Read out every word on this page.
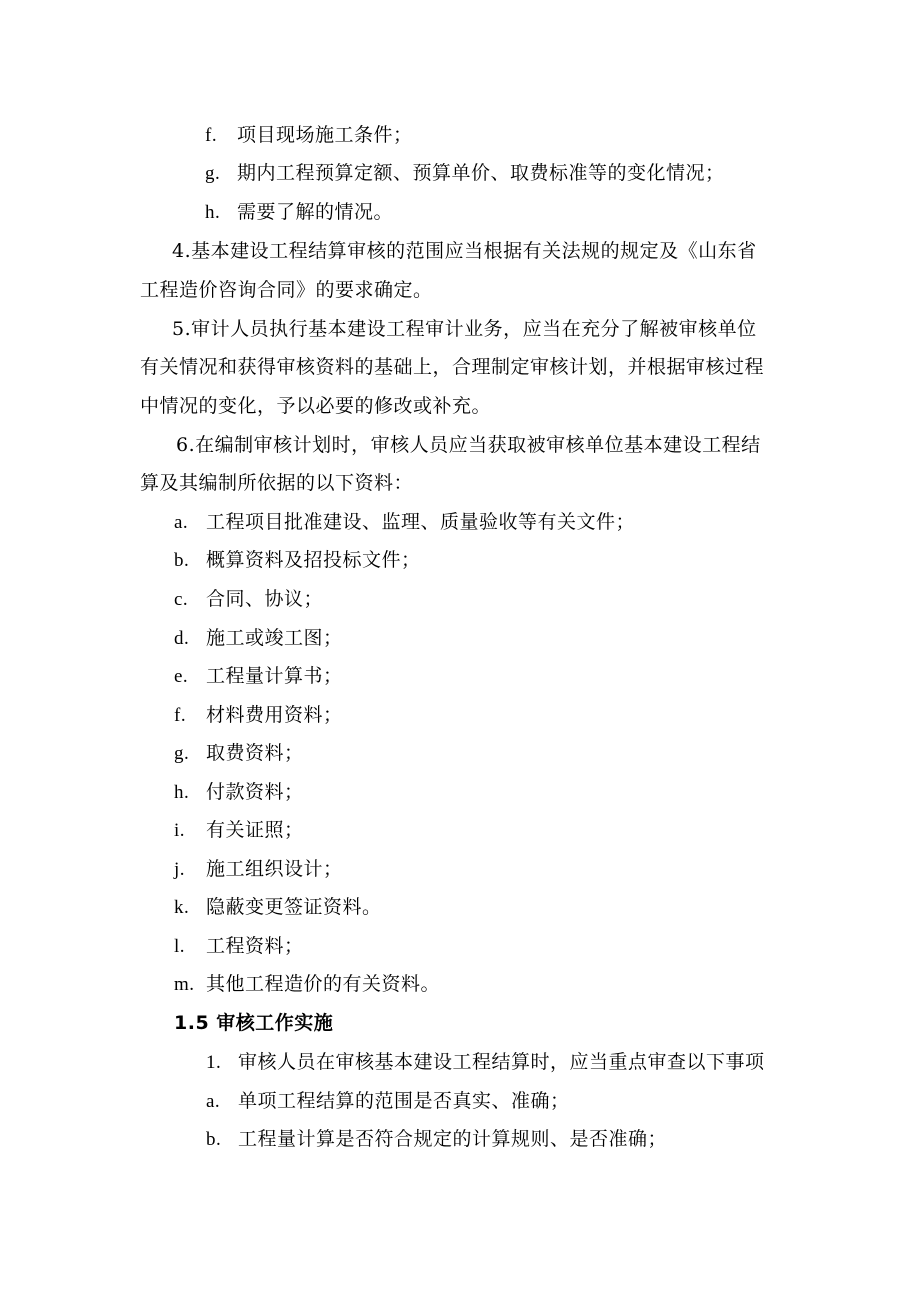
f. 项目现场施工条件；
g. 期内工程预算定额、预算单价、取费标准等的变化情况；
h. 需要了解的情况。
4.基本建设工程结算审核的范围应当根据有关法规的规定及《山东省
工程造价咨询合同》的要求确定。
5.审计人员执行基本建设工程审计业务，应当在充分了解被审核单位
有关情况和获得审核资料的基础上，合理制定审核计划，并根据审核过程
中情况的变化，予以必要的修改或补充。
6.在编制审核计划时，审核人员应当获取被审核单位基本建设工程结
算及其编制所依据的以下资料：
a. 工程项目批准建设、监理、质量验收等有关文件；
b. 概算资料及招投标文件；
c. 合同、协议；
d. 施工或竣工图；
e. 工程量计算书；
f. 材料费用资料；
g. 取费资料；
h. 付款资料；
i. 有关证照；
j. 施工组织设计；
k. 隐蔽变更签证资料。
l. 工程资料；
m. 其他工程造价的有关资料。
1.5 审核工作实施
1. 审核人员在审核基本建设工程结算时，应当重点审查以下事项
a. 单项工程结算的范围是否真实、准确；
b. 工程量计算是否符合规定的计算规则、是否准确；
